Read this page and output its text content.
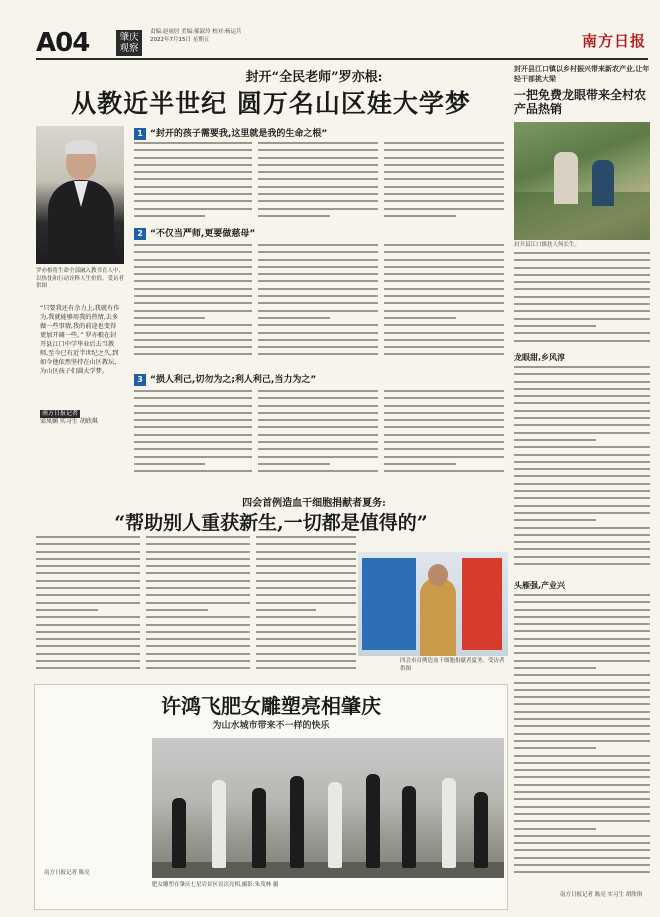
A04	肇庆观察
责编:赵雨居 美编:郝淑玲 校对:杨运兵
2022年7月15日 星期五	南方日报
封开“全民老师”罗亦根:
从教近半世纪 圆万名山区娃大学梦
罗亦根将生命全部融入教书育人中,以热忱和行动诠释人生价值。受访者供图
“只要我还有余力上,我就有作为,我就能够用我的热情,去多做一些事情,我的前途也变得更加开阔一些。” 罗亦根在封开县江口中学毕业后去当教师,至今已有近半世纪之久,到如今他依然坚持在山区教坛,为山区孩子们圆大学梦。
南方日报记者
梁凤娴 实习生 胡欣琪
1 “封开的孩子需要我,这里就是我的生命之根”
2 “不仅当严师,更要做慈母”
3 “损人利己,切勿为之;利人利己,当力为之”
封开县江口镇以乡村振兴带来新农产业,让年轻干部挑大梁
一把免费龙眼带来全村农产品热销
封开县江口镇扶人何长生。
龙眼甜,乡风淳
头雁强,产业兴
南方日报记者 陈亮 实习生 胡欣琪
四会首例造血干细胞捐献者夏务:
“帮助别人重获新生,一切都是值得的”
四会市首例造血干细胞捐献者夏务。受访者供图
许鸿飞肥女雕塑亮相肇庆
为山水城市带来不一样的快乐
肥女雕塑在肇庆七星岩景区首次亮相,摄影:朱茂林 摄
南方日报记者 陈亮
